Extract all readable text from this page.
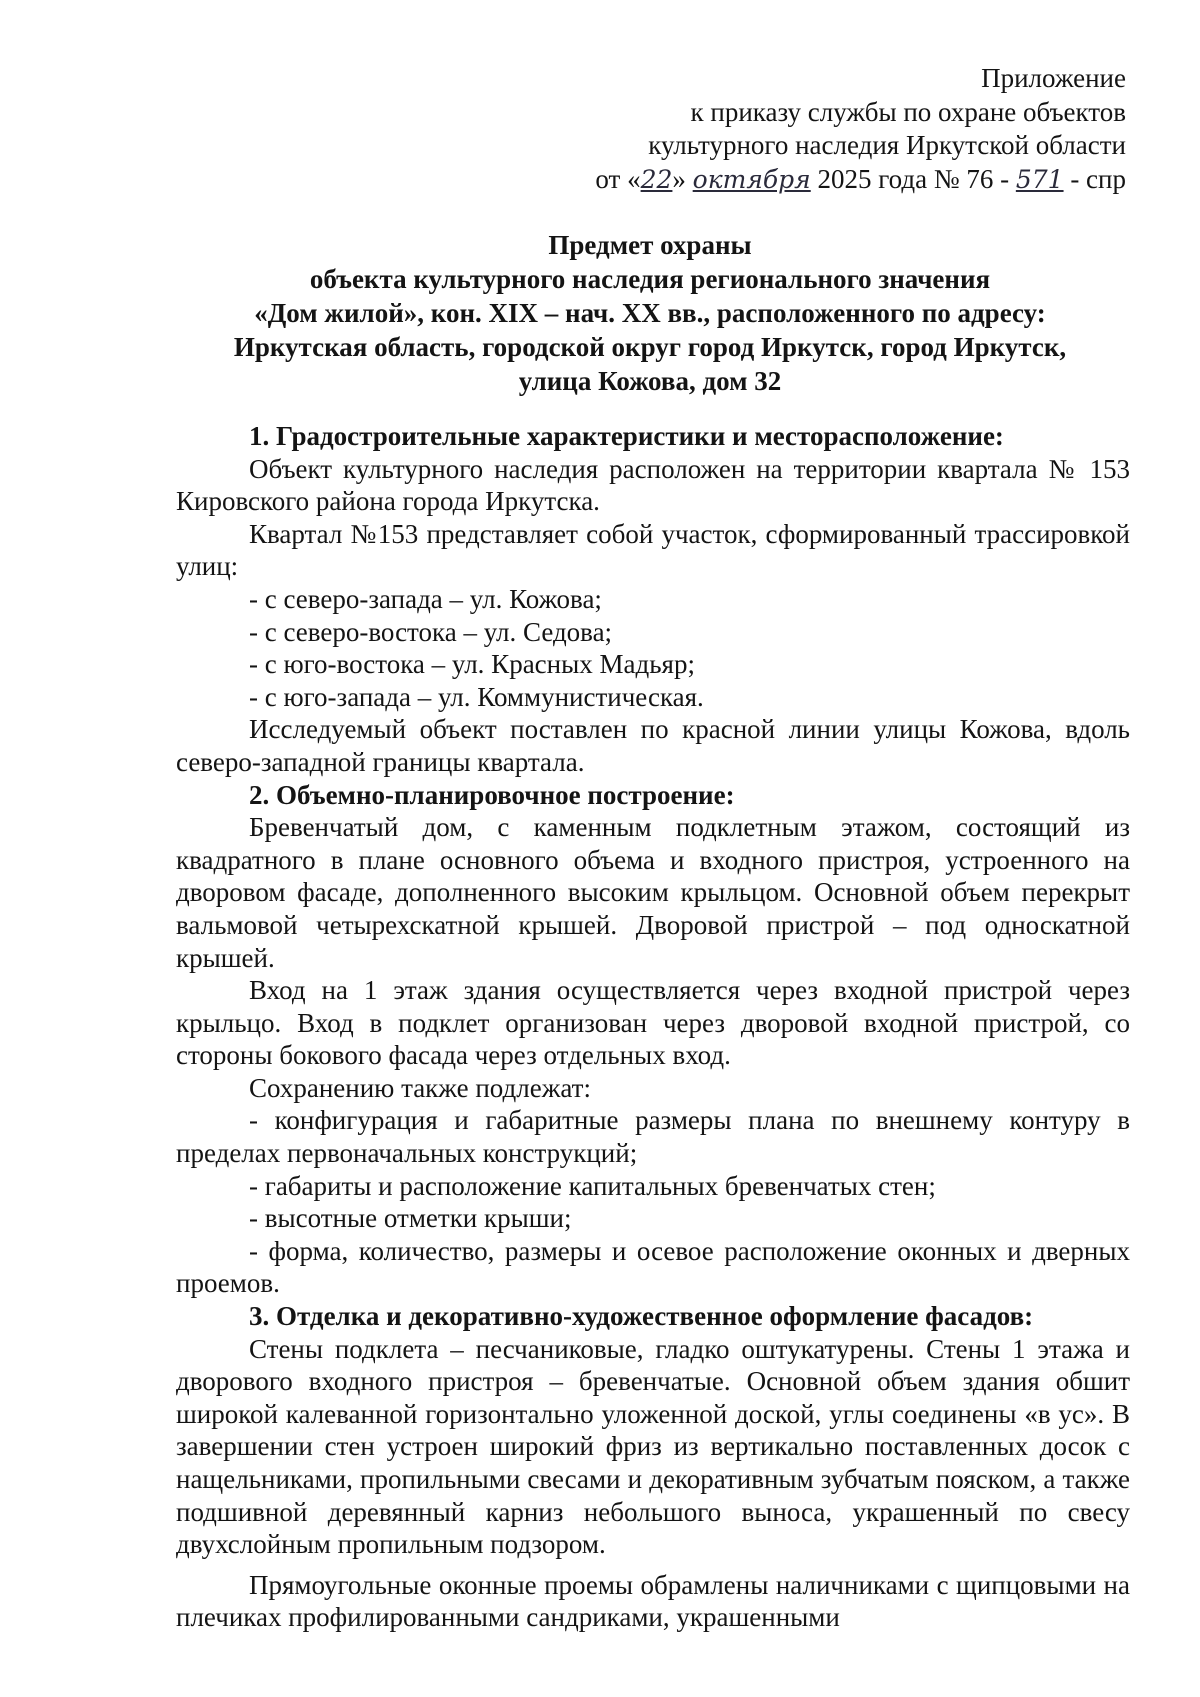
Приложение
к приказу службы по охране объектов
культурного наследия Иркутской области
от «22» октября 2025 года № 76 - 571 - спр
Предмет охраны
объекта культурного наследия регионального значения
«Дом жилой», кон. XIX – нач. XX вв., расположенного по адресу:
Иркутская область, городской округ город Иркутск, город Иркутск,
улица Кожова, дом 32
1. Градостроительные характеристики и месторасположение:

Объект культурного наследия расположен на территории квартала № 153 Кировского района города Иркутска.

Квартал №153 представляет собой участок, сформированный трассировкой улиц:

- с северо-запада – ул. Кожова;

- с северо-востока – ул. Седова;

- с юго-востока – ул. Красных Мадьяр;

- с юго-запада – ул. Коммунистическая.

Исследуемый объект поставлен по красной линии улицы Кожова, вдоль северо-западной границы квартала.

2. Объемно-планировочное построение:

Бревенчатый дом, с каменным подклетным этажом, состоящий из квадратного в плане основного объема и входного пристроя, устроенного на дворовом фасаде, дополненного высоким крыльцом. Основной объем перекрыт вальмовой четырехскатной крышей. Дворовой пристрой – под односкатной крышей.

Вход на 1 этаж здания осуществляется через входной пристрой через крыльцо. Вход в подклет организован через дворовой входной пристрой, со стороны бокового фасада через отдельных вход.

Сохранению также подлежат:

- конфигурация и габаритные размеры плана по внешнему контуру в пределах первоначальных конструкций;

- габариты и расположение капитальных бревенчатых стен;

- высотные отметки крыши;

- форма, количество, размеры и осевое расположение оконных и дверных проемов.

3. Отделка и декоративно-художественное оформление фасадов:

Стены подклета – песчаниковые, гладко оштукатурены. Стены 1 этажа и дворового входного пристроя – бревенчатые. Основной объем здания обшит широкой калеванной горизонтально уложенной доской, углы соединены «в ус». В завершении стен устроен широкий фриз из вертикально поставленных досок с нащельниками, пропильными свесами и декоративным зубчатым пояском, а также подшивной деревянный карниз небольшого выноса, украшенный по свесу двухслойным пропильным подзором.

Прямоугольные оконные проемы обрамлены наличниками с щипцовыми на плечиках профилированными сандриками, украшенными
